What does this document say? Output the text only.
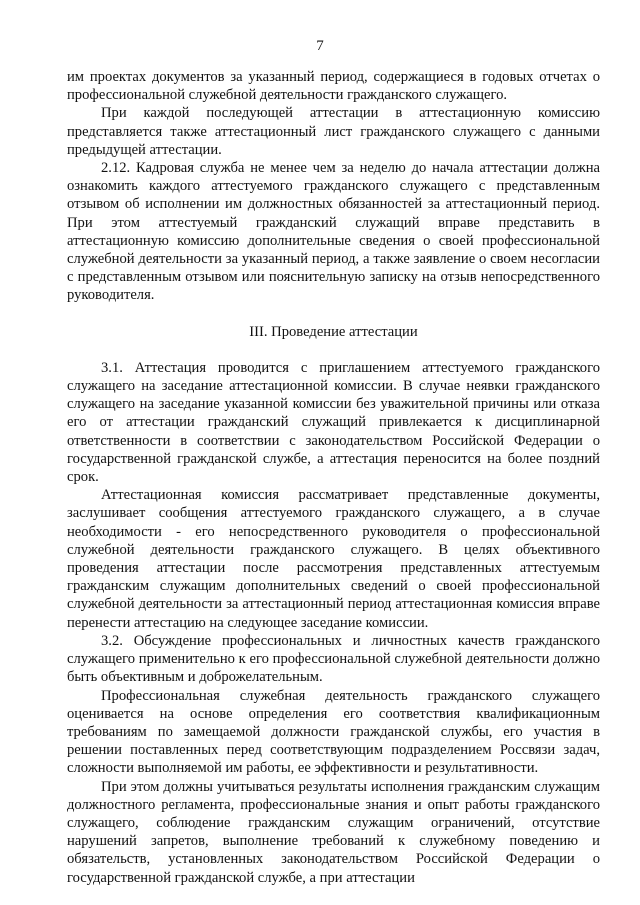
7

им проектах документов за указанный период, содержащиеся в годовых отчетах о профессиональной служебной деятельности гражданского служащего.

При каждой последующей аттестации в аттестационную комиссию представляется также аттестационный лист гражданского служащего с данными предыдущей аттестации.

2.12. Кадровая служба не менее чем за неделю до начала аттестации должна ознакомить каждого аттестуемого гражданского служащего с представленным отзывом об исполнении им должностных обязанностей за аттестационный период. При этом аттестуемый гражданский служащий вправе представить в аттестационную комиссию дополнительные сведения о своей профессиональной служебной деятельности за указанный период, а также заявление о своем несогласии с представленным отзывом или пояснительную записку на отзыв непосредственного руководителя.

III. Проведение аттестации

3.1. Аттестация проводится с приглашением аттестуемого гражданского служащего на заседание аттестационной комиссии. В случае неявки гражданского служащего на заседание указанной комиссии без уважительной причины или отказа его от аттестации гражданский служащий привлекается к дисциплинарной ответственности в соответствии с законодательством Российской Федерации о государственной гражданской службе, а аттестация переносится на более поздний срок.

Аттестационная комиссия рассматривает представленные документы, заслушивает сообщения аттестуемого гражданского служащего, а в случае необходимости - его непосредственного руководителя о профессиональной служебной деятельности гражданского служащего. В целях объективного проведения аттестации после рассмотрения представленных аттестуемым гражданским служащим дополнительных сведений о своей профессиональной служебной деятельности за аттестационный период аттестационная комиссия вправе перенести аттестацию на следующее заседание комиссии.

3.2. Обсуждение профессиональных и личностных качеств гражданского служащего применительно к его профессиональной служебной деятельности должно быть объективным и доброжелательным.

Профессиональная служебная деятельность гражданского служащего оценивается на основе определения его соответствия квалификационным требованиям по замещаемой должности гражданской службы, его участия в решении поставленных перед соответствующим подразделением Россвязи задач, сложности выполняемой им работы, ее эффективности и результативности.

При этом должны учитываться результаты исполнения гражданским служащим должностного регламента, профессиональные знания и опыт работы гражданского служащего, соблюдение гражданским служащим ограничений, отсутствие нарушений запретов, выполнение требований к служебному поведению и обязательств, установленных законодательством Российской Федерации о государственной гражданской службе, а при аттестации
